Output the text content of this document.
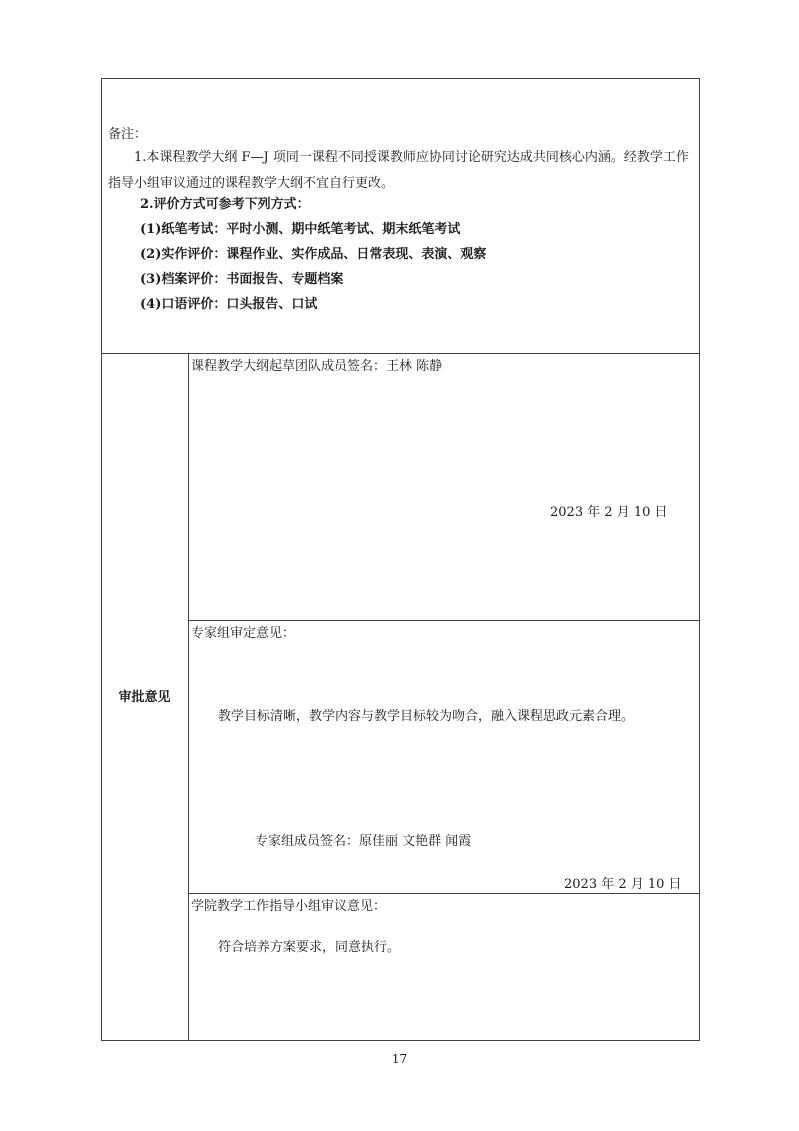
备注：
1.本课程教学大纲 F—J 项同一课程不同授课教师应协同讨论研究达成共同核心内涵。经教学工作指导小组审议通过的课程教学大纲不宜自行更改。
2.评价方式可参考下列方式：
(1)纸笔考试：平时小测、期中纸笔考试、期末纸笔考试
(2)实作评价：课程作业、实作成品、日常表现、表演、观察
(3)档案评价：书面报告、专题档案
(4)口语评价：口头报告、口试
审批意见
课程教学大纲起草团队成员签名：王林 陈静
2023 年 2 月 10 日
专家组审定意见：
教学目标清晰，教学内容与教学目标较为吻合，融入课程思政元素合理。
专家组成员签名：原佳丽 文艳群 闻霞
2023 年 2 月 10 日
学院教学工作指导小组审议意见：
符合培养方案要求，同意执行。
17
